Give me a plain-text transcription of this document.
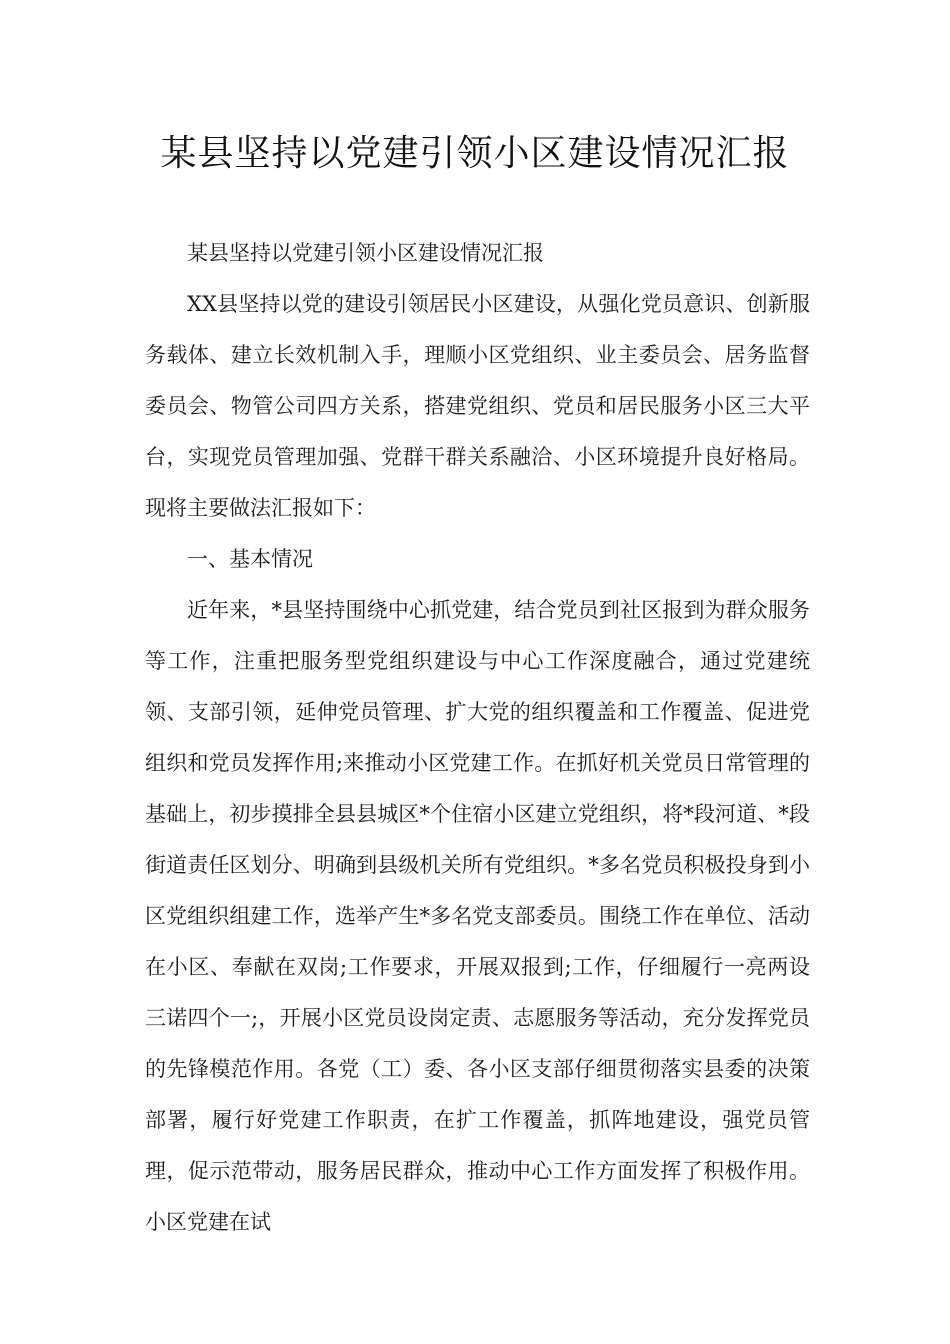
某县坚持以党建引领小区建设情况汇报

某县坚持以党建引领小区建设情况汇报

XX县坚持以党的建设引领居民小区建设，从强化党员意识、创新服务载体、建立长效机制入手，理顺小区党组织、业主委员会、居务监督委员会、物管公司四方关系，搭建党组织、党员和居民服务小区三大平台，实现党员管理加强、党群干群关系融洽、小区环境提升良好格局。现将主要做法汇报如下：

一、基本情况

近年来，*县坚持围绕中心抓党建，结合党员到社区报到为群众服务等工作，注重把服务型党组织建设与中心工作深度融合，通过党建统领、支部引领，延伸党员管理、扩大党的组织覆盖和工作覆盖、促进党组织和党员发挥作用;来推动小区党建工作。在抓好机关党员日常管理的基础上，初步摸排全县县城区*个住宿小区建立党组织，将*段河道、*段街道责任区划分、明确到县级机关所有党组织。*多名党员积极投身到小区党组织组建工作，选举产生*多名党支部委员。围绕工作在单位、活动在小区、奉献在双岗;工作要求，开展双报到;工作，仔细履行一亮两设三诺四个一;，开展小区党员设岗定责、志愿服务等活动，充分发挥党员的先锋模范作用。各党（工）委、各小区支部仔细贯彻落实县委的决策部署，履行好党建工作职责，在扩工作覆盖，抓阵地建设，强党员管理，促示范带动，服务居民群众，推动中心工作方面发挥了积极作用。小区党建在试
